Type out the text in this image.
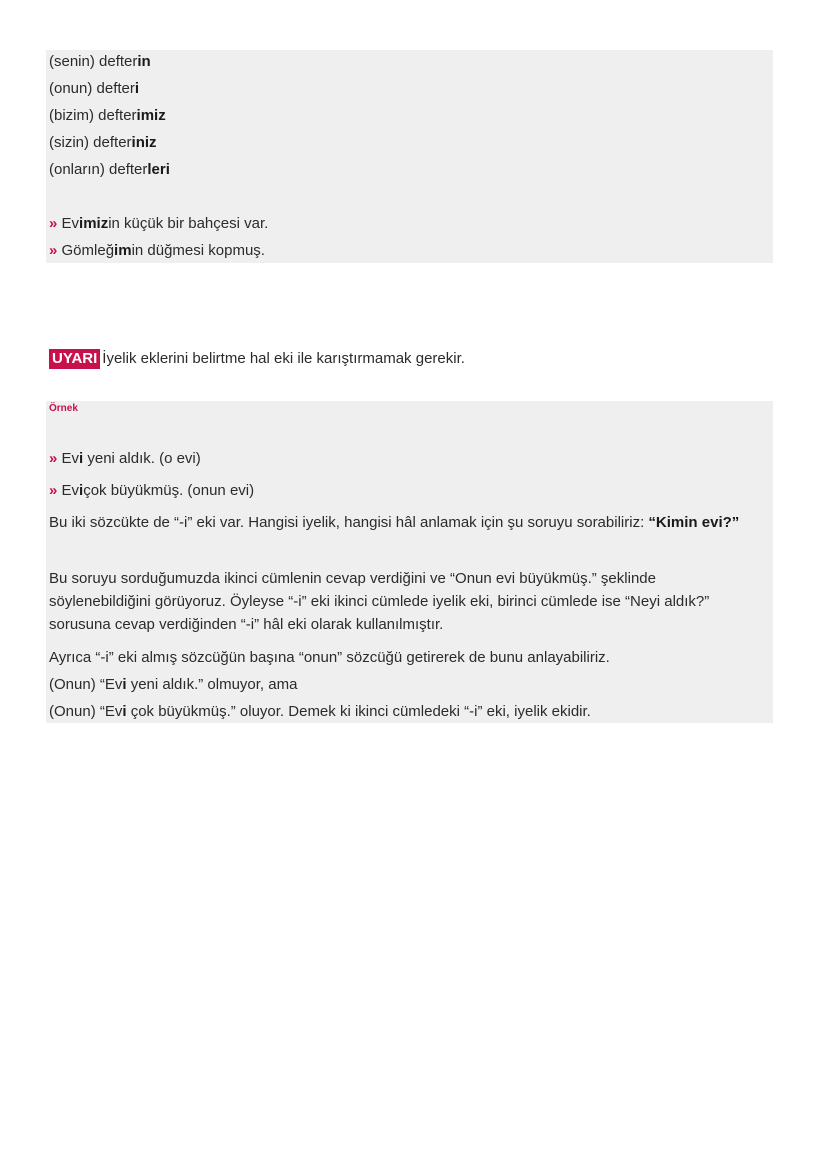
(senin) defterin
(onun) defteri
(bizim) defterimiz
(sizin) defteriniz
(onların) defterleri
» Evimizin küçük bir bahçesi var.
» Gömleğimin düğmesi kopmuş.
UYARI İyelik eklerini belirtme hal eki ile karıştırmamak gerekir.
Örnek
» Evi yeni aldık. (o evi)
» Eviçok büyükmüş. (onun evi)
Bu iki sözcükte de “-i” eki var. Hangisi iyelik, hangisi hâl anlamak için şu soruyu sorabiliriz: “Kimin evi?”
Bu soruyu sorduğumuzda ikinci cümlenin cevap verdiğini ve “Onun evi büyükmüş.” şeklinde söylenebildiğini görüyoruz. Öyleyse “-i” eki ikinci cümlede iyelik eki, birinci cümlede ise “Neyi aldık?” sorusuna cevap verdiğinden “-i” hâl eki olarak kullanılmıştır.
Ayrıca “-i” eki almış sözcüğün başına “onun” sözcüğü getirerek de bunu anlayabiliriz.
(Onun) “Evi yeni aldık.” olmuyor, ama
(Onun) “Evi çok büyükmüş.” oluyor. Demek ki ikinci cümledeki “-i” eki, iyelik ekidir.
